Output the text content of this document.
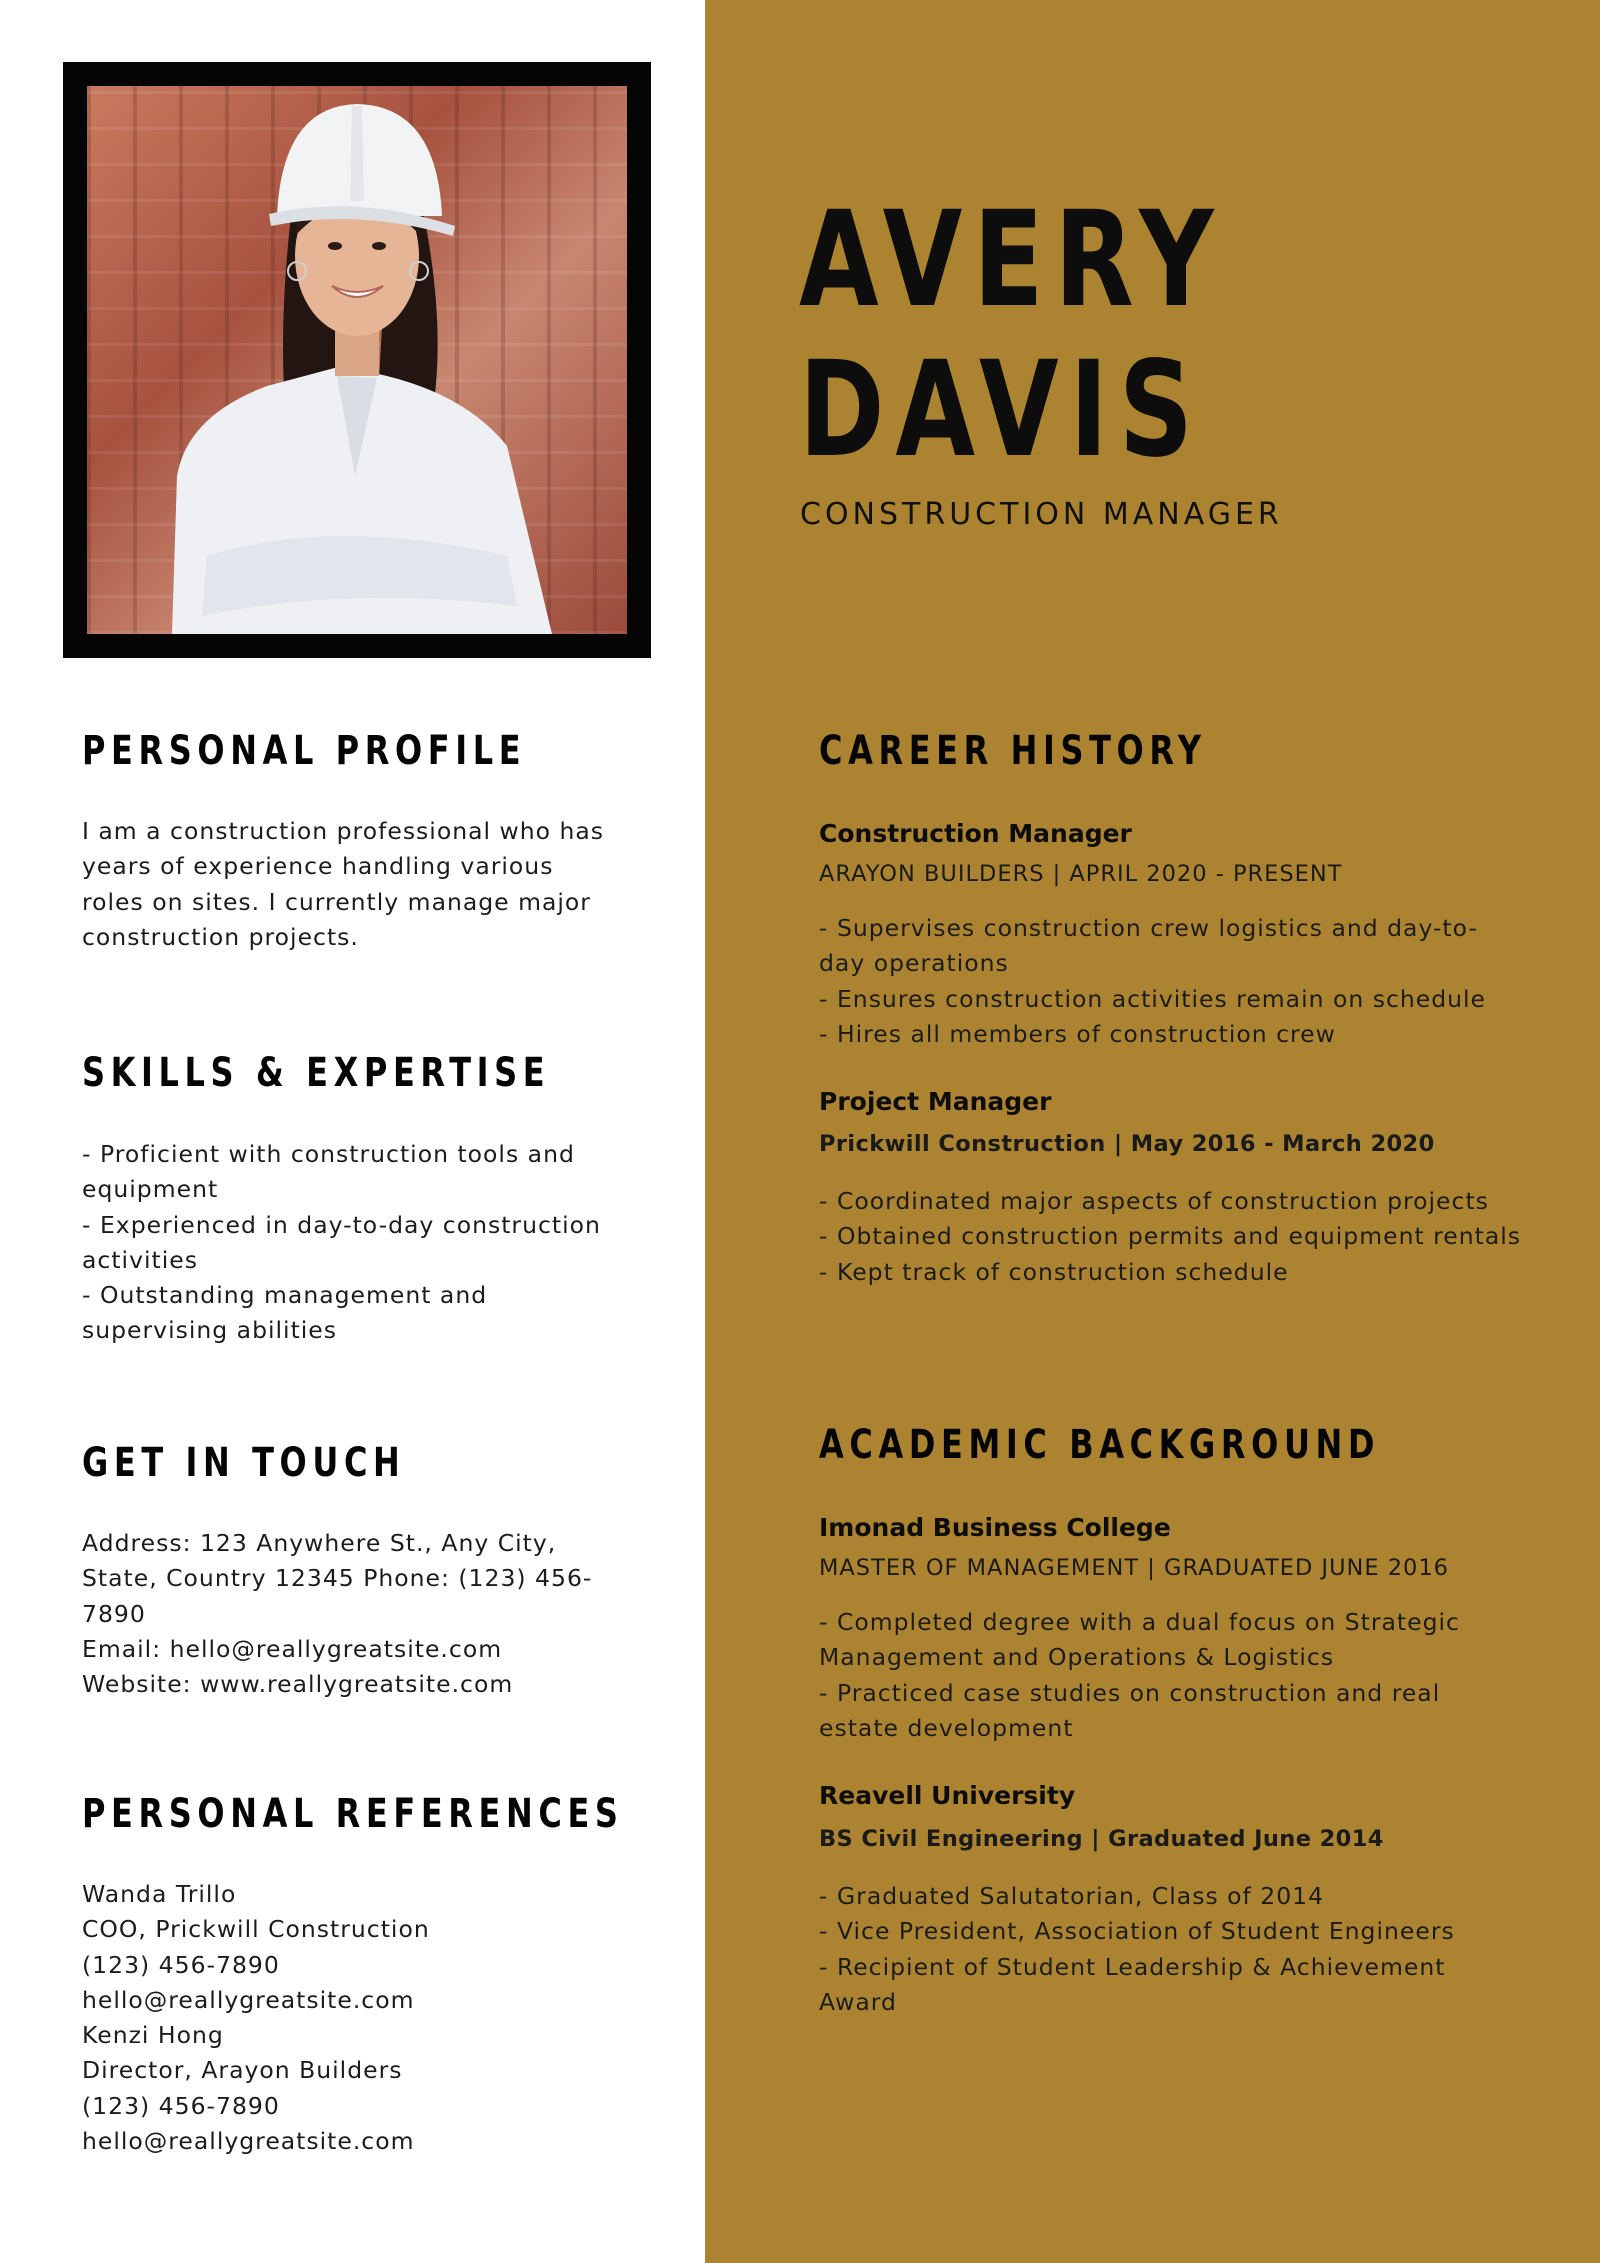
AVERY
DAVIS
CONSTRUCTION MANAGER
PERSONAL PROFILE
I am a construction professional who has
years of experience handling various
roles on sites. I currently manage major
construction projects.
SKILLS & EXPERTISE
- Proficient with construction tools and
equipment
- Experienced in day-to-day construction
activities
- Outstanding management and
supervising abilities
GET IN TOUCH
Address: 123 Anywhere St., Any City,
State, Country 12345 Phone: (123) 456-
7890
Email: hello@reallygreatsite.com
Website: www.reallygreatsite.com
PERSONAL REFERENCES
Wanda Trillo
COO, Prickwill Construction
(123) 456-7890
hello@reallygreatsite.com
Kenzi Hong
Director, Arayon Builders
(123) 456-7890
hello@reallygreatsite.com
CAREER HISTORY
Construction Manager
ARAYON BUILDERS | APRIL 2020 - PRESENT
- Supervises construction crew logistics and day-to-
day operations
- Ensures construction activities remain on schedule
- Hires all members of construction crew
Project Manager
Prickwill Construction | May 2016 - March 2020
- Coordinated major aspects of construction projects
- Obtained construction permits and equipment rentals
- Kept track of construction schedule
ACADEMIC BACKGROUND
Imonad Business College
MASTER OF MANAGEMENT | GRADUATED JUNE 2016
- Completed degree with a dual focus on Strategic
Management and Operations & Logistics
- Practiced case studies on construction and real
estate development
Reavell University
BS Civil Engineering | Graduated June 2014
- Graduated Salutatorian, Class of 2014
- Vice President, Association of Student Engineers
- Recipient of Student Leadership & Achievement
Award
